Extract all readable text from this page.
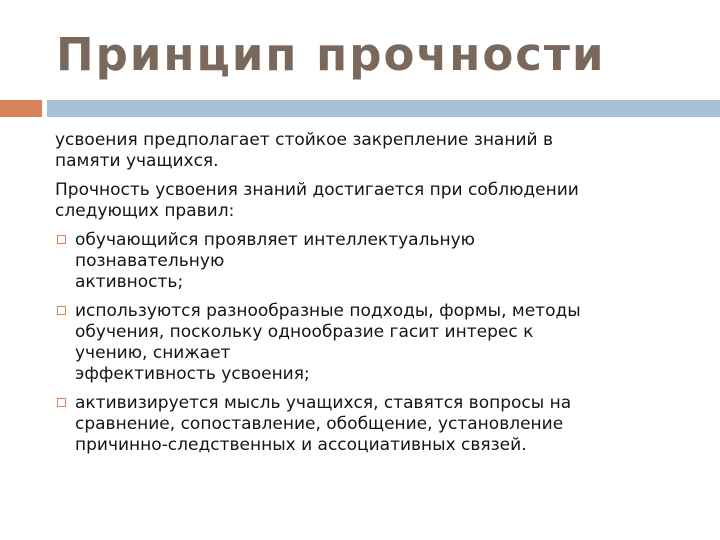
Принцип прочности

усвоения предполагает стойкое закрепление знаний в
памяти учащихся.

Прочность усвоения знаний достигается при соблюдении
следующих правил:

обучающийся проявляет интеллектуальную
познавательную
активность;
используются разнообразные подходы, формы, методы
обучения, поскольку однообразие гасит интерес к
учению, снижает
эффективность усвоения;
активизируется мысль учащихся, ставятся вопросы на
сравнение, сопоставление, обобщение, установление
причинно-следственных и ассоциативных связей.
